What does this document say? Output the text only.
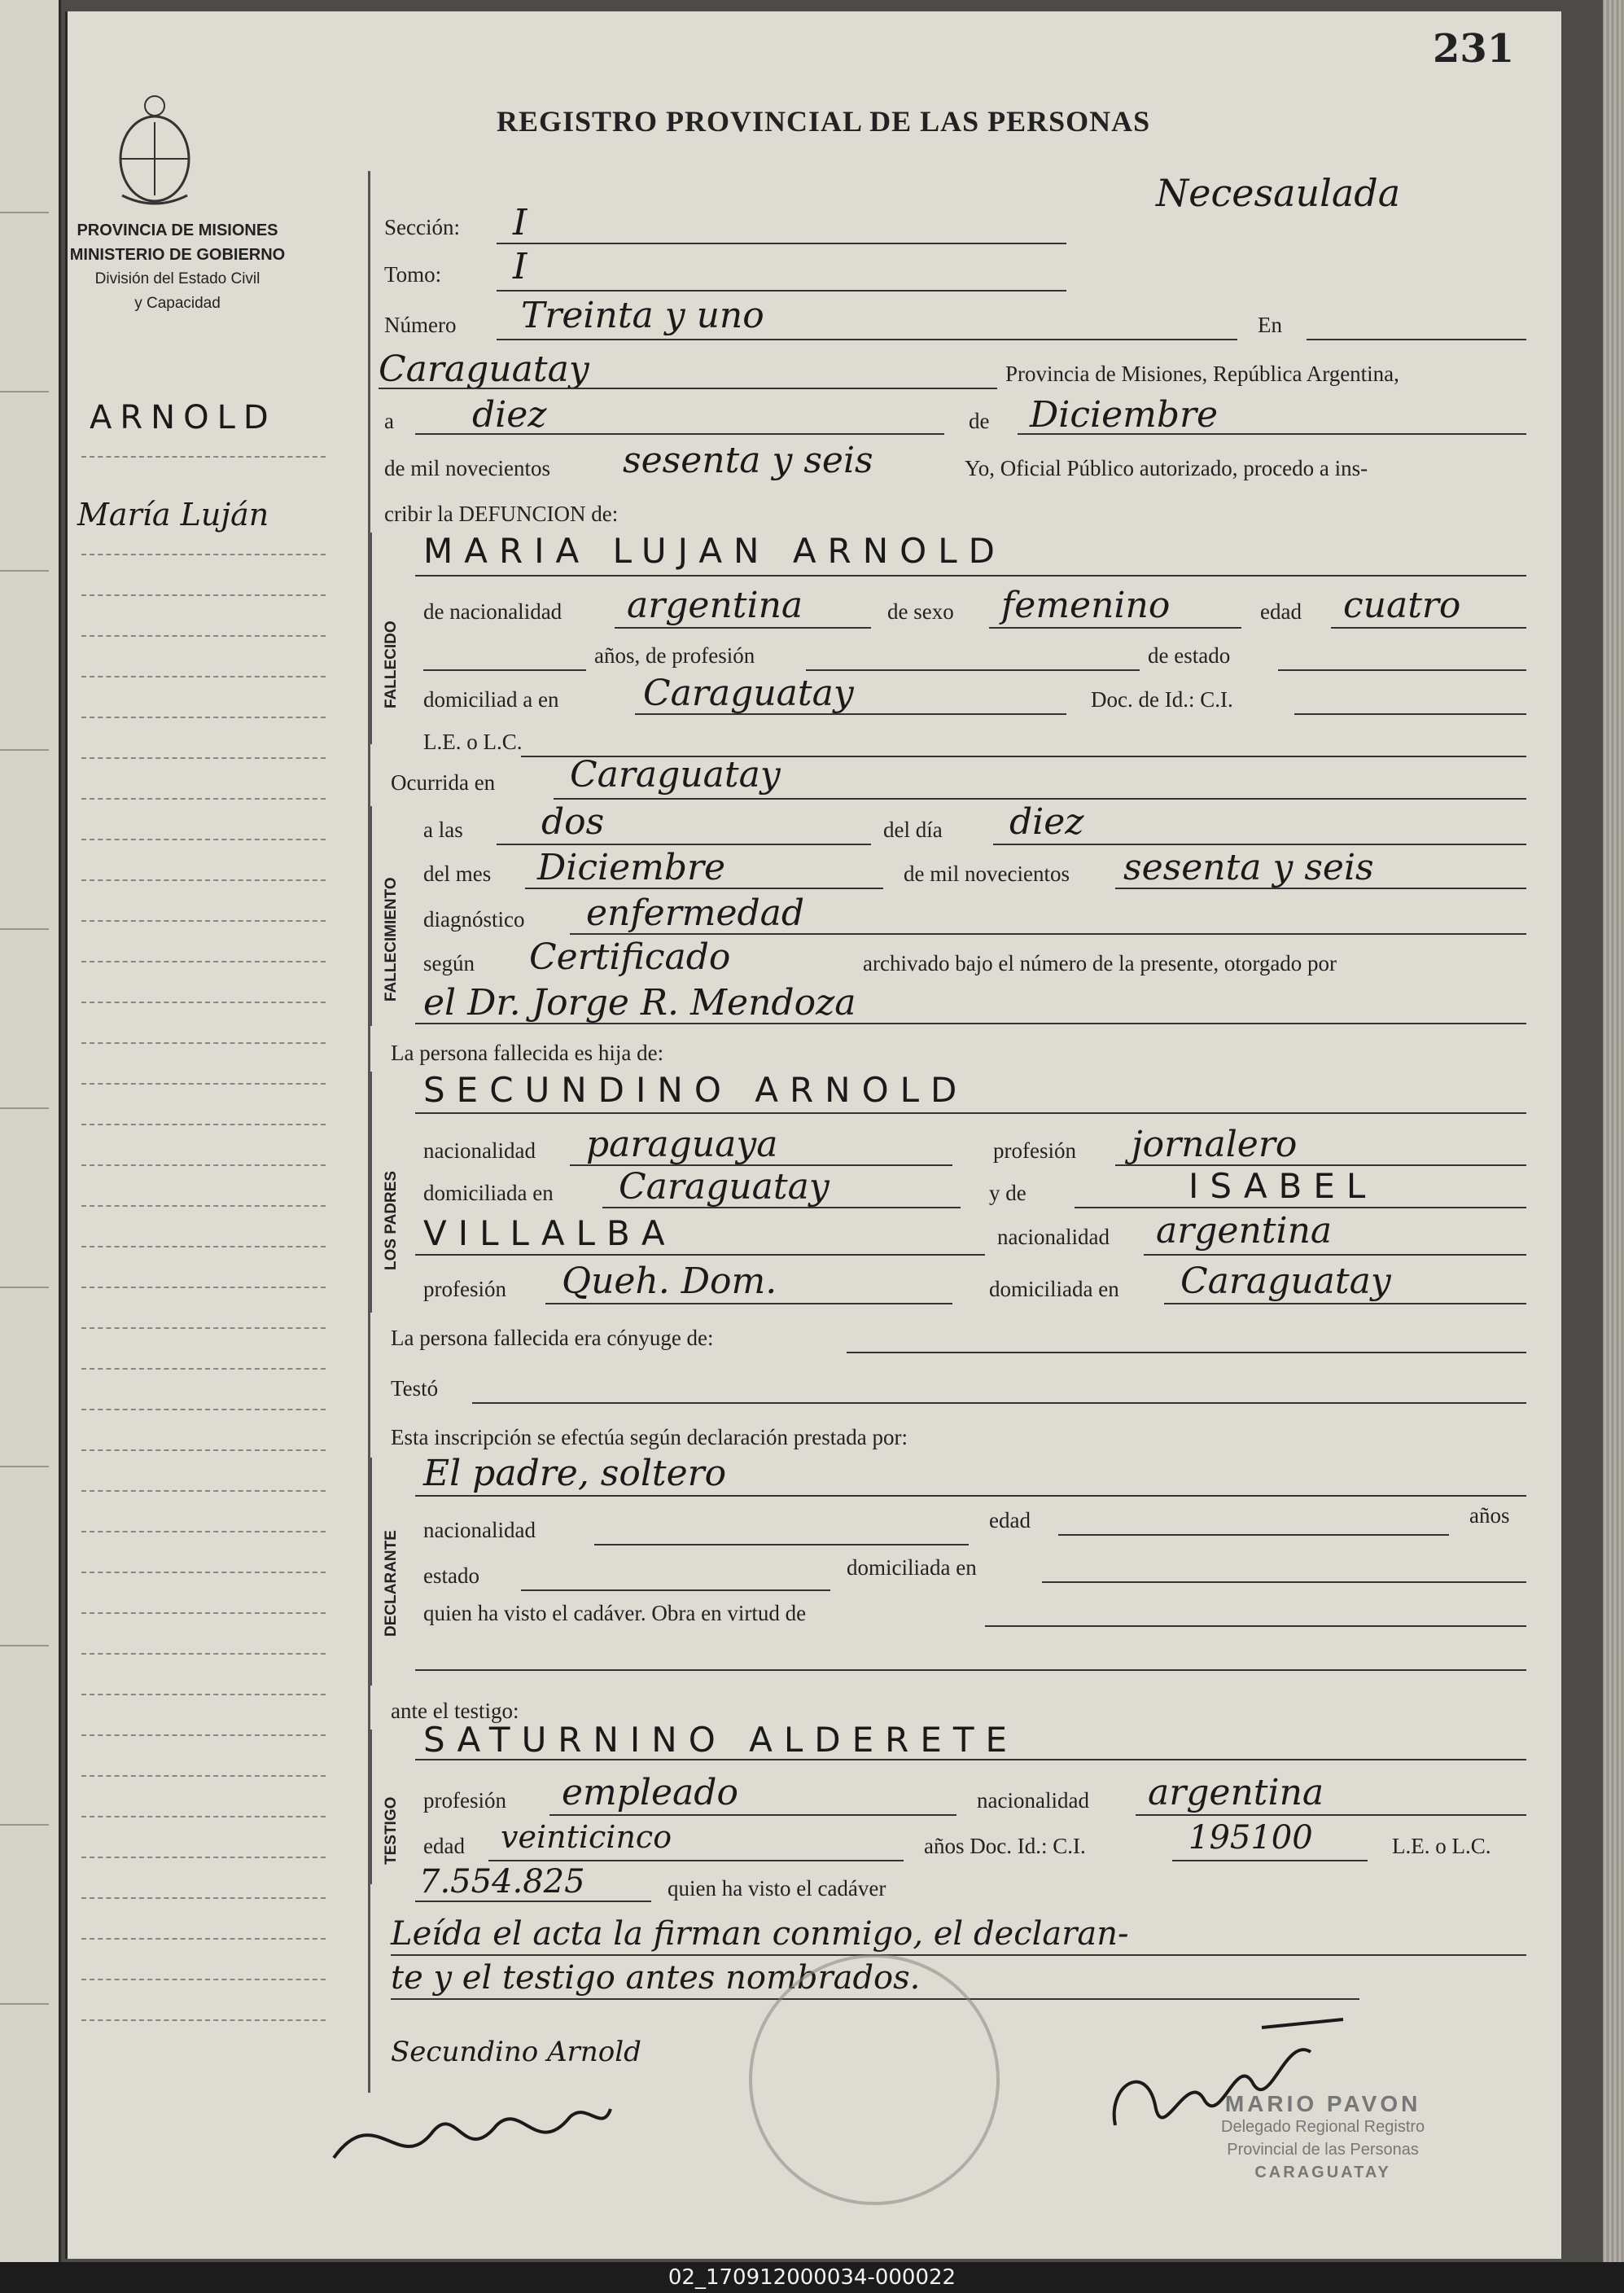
231
REGISTRO PROVINCIAL DE LAS PERSONAS
PROVINCIA DE MISIONES
MINISTERIO DE GOBIERNO
División del Estado Civil
y Capacidad
ARNOLD
María Luján
Sección: I
Tomo: I
Necesaulada
Número Treinta y uno	En
Caraguatay	Provincia de Misiones, República Argentina,
a diez	de Diciembre
de mil novecientos sesenta y seis	Yo, Oficial Público autorizado, procedo a ins-
cribir la DEFUNCION de:
FALLECIDO
MARIA LUJAN ARNOLD
de nacionalidad argentina	de sexo femenino	edad cuatro
años, de profesión	de estado
domiciliad a en Caraguatay	Doc. de Id.: C.I.
L.E. o L.C.
Ocurrida en Caraguatay
FALLECIMIENTO
a las dos	del día diez
del mes Diciembre	de mil novecientos sesenta y seis
diagnóstico enfermedad
según Certificado	archivado bajo el número de la presente, otorgado por
el Dr. Jorge R. Mendoza
La persona fallecida es hija de:
LOS PADRES
SECUNDINO ARNOLD
nacionalidad paraguaya	profesión jornalero
domiciliada en Caraguatay	y de	ISABEL
VILLALBA	nacionalidad argentina
profesión Queh. Dom.	domiciliada en Caraguatay
La persona fallecida era cónyuge de:
Testó
Esta inscripción se efectúa según declaración prestada por:
DECLARANTE
El padre, soltero
nacionalidad	edad	años
estado	domiciliada en
quien ha visto el cadáver. Obra en virtud de
ante el testigo:
TESTIGO
SATURNINO ALDERETE
profesión empleado	nacionalidad argentina
edad veinticinco	años Doc. Id.: C.I.	195100	L.E. o L.C.
7.554.825	quien ha visto el cadáver
Leída el acta la firman conmigo, el declaran-
te y el testigo antes nombrados.
Secundino Arnold
MARIO PAVON
Delegado Regional Registro
Provincial de las Personas
CARAGUATAY
02_170912000034-000022
